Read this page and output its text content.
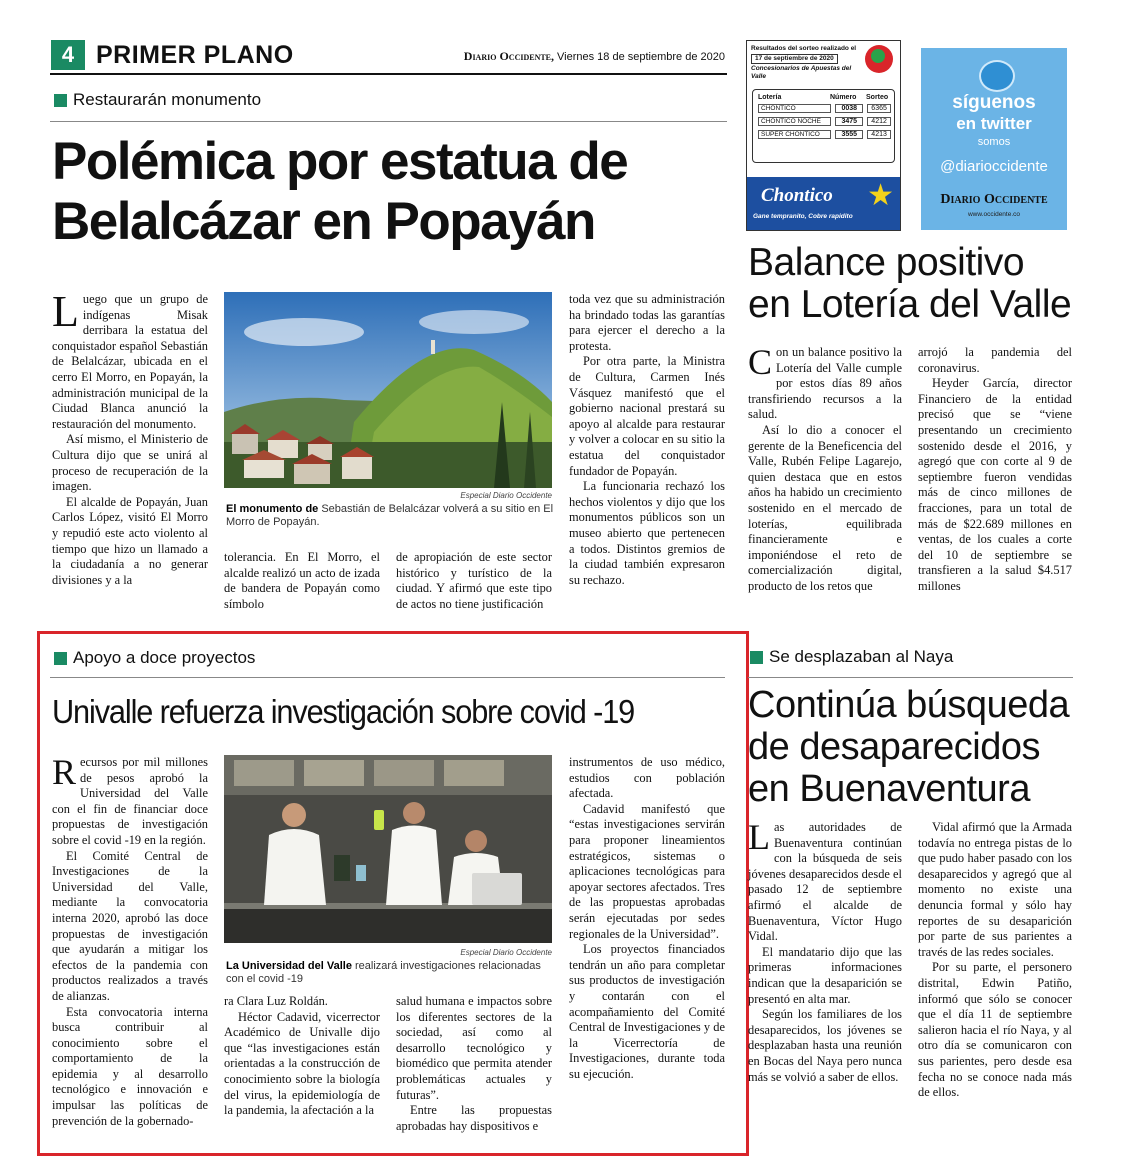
4 PRIMER PLANO	Diario Occidente, Viernes 18 de septiembre de 2020
Resultados del sorteo realizado el
17 de septiembre de 2020
Concesionarios de Apuestas del Valle
Lotería	Número	Sorteo
CHONTICO	0038	6365
CHONTICO NOCHE	3475	4212
SUPER CHONTICO	3555	4213
★
Chontico
Gane tempranito, Cobre rapidito
síguenos
en twitter
somos
@diarioccidente
Diario Occidente
www.occidente.co
Restaurarán monumento
Polémica por estatua de
Belalcázar en Popayán

Luego que un grupo de indígenas Misak derribara la estatua del conquistador español Sebastián de Belalcázar, ubicada en el cerro El Morro, en Popayán, la administración municipal de la Ciudad Blanca anunció la restauración del monumento.

Así mismo, el Ministerio de Cultura dijo que se unirá al proceso de recuperación de la imagen.

El alcalde de Popayán, Juan Carlos López, visitó El Morro y repudió este acto violento al tiempo que hizo un llamado a la ciudadanía a no generar divisiones y a la

Especial Diario Occidente
El monumento de Sebastián de Belalcázar volverá a su sitio en El Morro de Popayán.

tolerancia. En El Morro, el alcalde realizó un acto de izada de bandera de Popayán como símbolo

de apropiación de este sector histórico y turístico de la ciudad. Y afirmó que este tipo de actos no tiene justificación

toda vez que su administración ha brindado todas las garantías para ejercer el derecho a la protesta.

Por otra parte, la Ministra de Cultura, Carmen Inés Vásquez manifestó que el gobierno nacional prestará su apoyo al alcalde para restaurar y volver a colocar en su sitio la estatua del conquistador fundador de Popayán.

La funcionaria rechazó los hechos violentos y dijo que los monumentos públicos son un museo abierto que pertenecen a todos. Distintos gremios de la ciudad también expresaron su rechazo.

Balance positivo
en Lotería del Valle

Con un balance positivo la Lotería del Valle cumple por estos días 89 años transfiriendo recursos a la salud.

Así lo dio a conocer el gerente de la Beneficencia del Valle, Rubén Felipe Lagarejo, quien destaca que en estos años ha habido un crecimiento sostenido en el mercado de loterías, equilibrada financieramente e imponiéndose el reto de comercialización digital, producto de los retos que

arrojó la pandemia del coronavirus.

Heyder García, director Financiero de la entidad precisó que se “viene presentando un crecimiento sostenido desde el 2016, y agregó que con corte al 9 de septiembre fueron vendidas más de cinco millones de fracciones, para un total de más de $22.689 millones en ventas, de los cuales a corte del 10 de septiembre se transfieren a la salud $4.517 millones

Apoyo a doce proyectos
Univalle refuerza investigación sobre covid -19

Recursos por mil millones de pesos aprobó la Universidad del Valle con el fin de financiar doce propuestas de investigación sobre el covid -19 en la región.

El Comité Central de Investigaciones de la Universidad del Valle, mediante la convocatoria interna 2020, aprobó las doce propuestas de investigación que ayudarán a mitigar los efectos de la pandemia con productos realizados a través de alianzas.

Esta convocatoria interna busca contribuir al conocimiento sobre el comportamiento de la epidemia y al desarrollo tecnológico e innovación e impulsar las políticas de prevención de la gobernado-

Especial Diario Occidente
La Universidad del Valle realizará investigaciones relacionadas con el covid -19

ra Clara Luz Roldán.

Héctor Cadavid, vicerrector Académico de Univalle dijo que “las investigaciones están orientadas a la construcción de conocimiento sobre la biología del virus, la epidemiología de la pandemia, la afectación a la

salud humana e impactos sobre los diferentes sectores de la sociedad, así como al desarrollo tecnológico y biomédico que permita atender problemáticas actuales y futuras”.

Entre las propuestas aprobadas hay dispositivos e

instrumentos de uso médico, estudios con población afectada.

Cadavid manifestó que “estas investigaciones servirán para proponer lineamientos estratégicos, sistemas o aplicaciones tecnológicas para apoyar sectores afectados. Tres de las propuestas aprobadas serán ejecutadas por sedes regionales de la Universidad”.

Los proyectos financiados tendrán un año para completar sus productos de investigación y contarán con el acompañamiento del Comité Central de Investigaciones y de la Vicerrectoría de Investigaciones, durante toda su ejecución.

Se desplazaban al Naya
Continúa búsqueda
de desaparecidos
en Buenaventura

Las autoridades de Buenaventura continúan con la búsqueda de seis jóvenes desaparecidos desde el pasado 12 de septiembre afirmó el alcalde de Buenaventura, Víctor Hugo Vidal.

El mandatario dijo que las primeras informaciones indican que la desaparición se presentó en alta mar.

Según los familiares de los desaparecidos, los jóvenes se desplazaban hasta una reunión en Bocas del Naya pero nunca más se volvió a saber de ellos.

Vidal afirmó que la Armada todavía no entrega pistas de lo que pudo haber pasado con los desaparecidos y agregó que al momento no existe una denuncia formal y sólo hay reportes de su desaparición por parte de sus parientes a través de las redes sociales.

Por su parte, el personero distrital, Edwin Patiño, informó que sólo se conocer que el día 11 de septiembre salieron hacia el río Naya, y al otro día se comunicaron con sus parientes, pero desde esa fecha no se conoce nada más de ellos.
